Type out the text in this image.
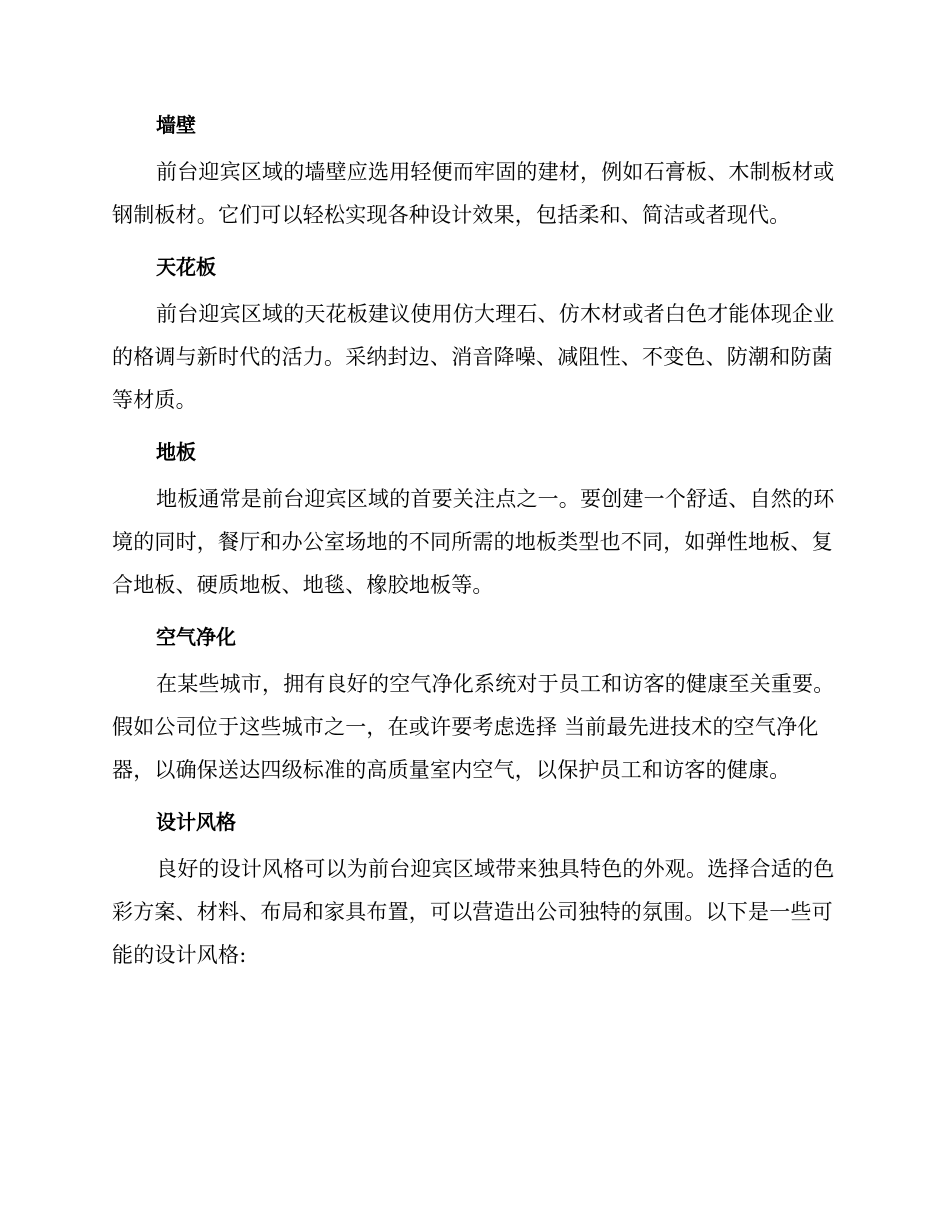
墙壁

前台迎宾区域的墙壁应选用轻便而牢固的建材，例如石膏板、木制板材或钢制板材。它们可以轻松实现各种设计效果，包括柔和、简洁或者现代。

天花板

前台迎宾区域的天花板建议使用仿大理石、仿木材或者白色才能体现企业的格调与新时代的活力。采纳封边、消音降噪、减阻性、不变色、防潮和防菌等材质。

地板

地板通常是前台迎宾区域的首要关注点之一。要创建一个舒适、自然的环境的同时，餐厅和办公室场地的不同所需的地板类型也不同，如弹性地板、复合地板、硬质地板、地毯、橡胶地板等。

空气净化

在某些城市，拥有良好的空气净化系统对于员工和访客的健康至关重要。假如公司位于这些城市之一，在或许要考虑选择 当前最先进技术的空气净化器，以确保送达四级标准的高质量室内空气，以保护员工和访客的健康。

设计风格

良好的设计风格可以为前台迎宾区域带来独具特色的外观。选择合适的色彩方案、材料、布局和家具布置，可以营造出公司独特的氛围。以下是一些可能的设计风格:
